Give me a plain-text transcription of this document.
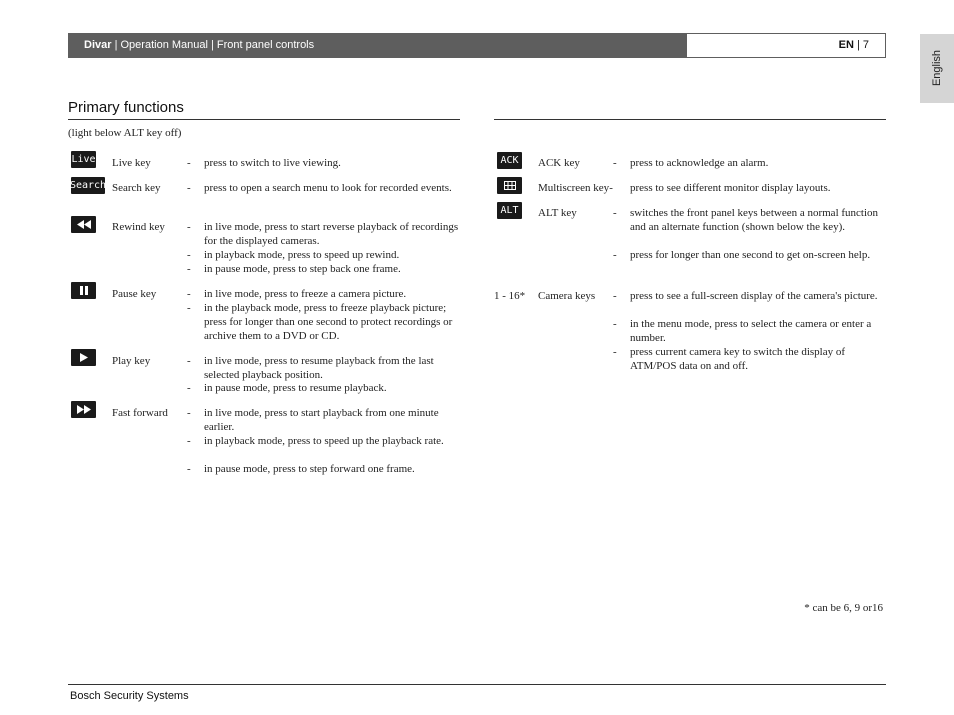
Divar | Operation Manual | Front panel controls	EN | 7
English
Primary functions
(light below ALT key off)
Live Live key	- press to switch to live viewing.
Search Search key - press to open a search menu to look for recorded events.
Rewind key - in live mode, press to start reverse playback of recordings for the displayed cameras.
- in playback mode, press to speed up rewind.
- in pause mode, press to step back one frame.
Pause key	- in live mode, press to freeze a camera picture.
- in the playback mode, press to freeze playback picture; press for longer than one second to protect recordings or archive them to a DVD or CD.
Play key	- in live mode, press to resume playback from the last selected playback position.
- in pause mode, press to resume playback.
Fast forward - in live mode, press to start playback from one minute earlier.
- in playback mode, press to speed up the playback rate.
- in pause mode, press to step forward one frame.
ACK ACK key	- press to acknowledge an alarm.
Multiscreen key- press to see different monitor display layouts.
ALT ALT key	- switches the front panel keys between a normal function and an alternate function (shown below the key).
- press for longer than one second to get on-screen help.
1 - 16* Camera keys - press to see a full-screen display of the camera's picture.
- in the menu mode, press to select the camera or enter a number.
- press current camera key to switch the display of ATM/POS data on and off.
* can be 6, 9 or16
Bosch Security Systems
